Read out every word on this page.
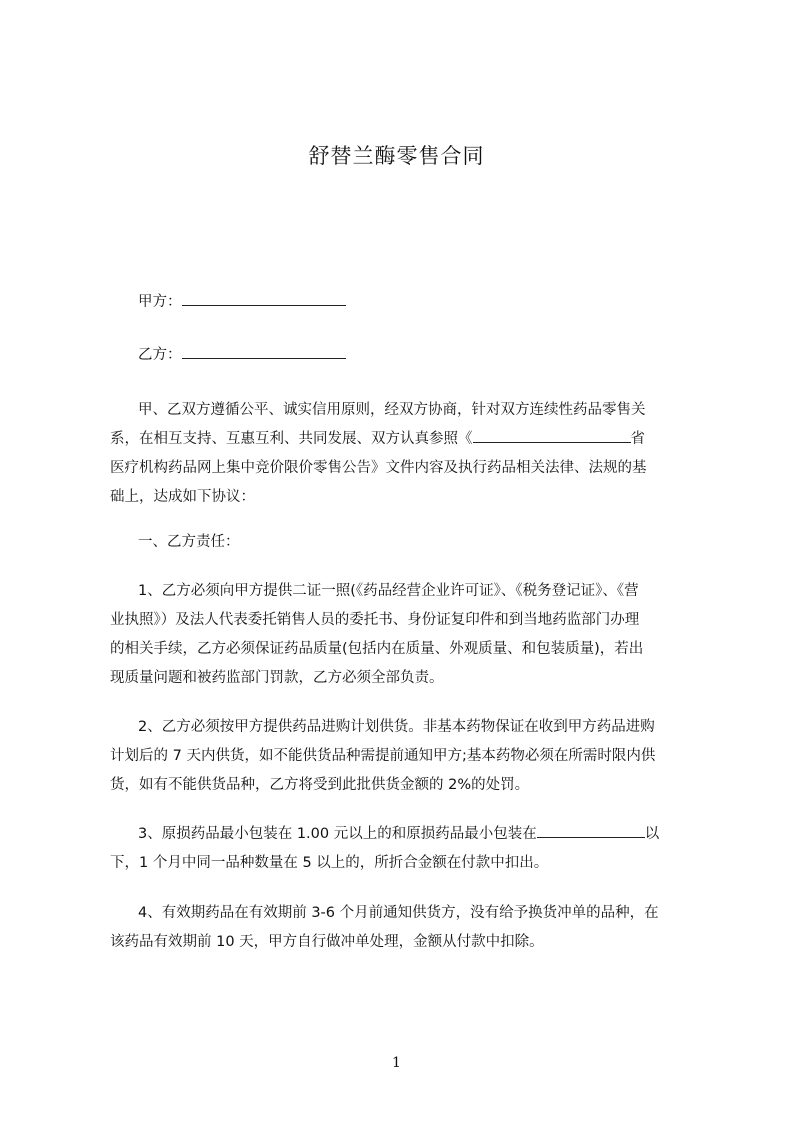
舒替兰酶零售合同
甲方：
乙方：
甲、乙双方遵循公平、诚实信用原则，经双方协商，针对双方连续性药品零售关
系，在相互支持、互惠互利、共同发展、双方认真参照《	省
医疗机构药品网上集中竞价限价零售公告》文件内容及执行药品相关法律、法规的基
础上，达成如下协议：
一、乙方责任：
1、乙方必须向甲方提供二证一照(《药品经营企业许可证》、《税务登记证》、《营
业执照》）及法人代表委托销售人员的委托书、身份证复印件和到当地药监部门办理
的相关手续，乙方必须保证药品质量(包括内在质量、外观质量、和包装质量)，若出
现质量问题和被药监部门罚款，乙方必须全部负责。
2、乙方必须按甲方提供药品进购计划供货。非基本药物保证在收到甲方药品进购
计划后的 7 天内供货，如不能供货品种需提前通知甲方;基本药物必须在所需时限内供
货，如有不能供货品种，乙方将受到此批供货金额的 2%的处罚。
3、原损药品最小包装在 1.00 元以上的和原损药品最小包装在	以
下，1 个月中同一品种数量在 5 以上的，所折合金额在付款中扣出。
4、有效期药品在有效期前 3-6 个月前通知供货方，没有给予换货冲单的品种，在
该药品有效期前 10 天，甲方自行做冲单处理，金额从付款中扣除。
1
